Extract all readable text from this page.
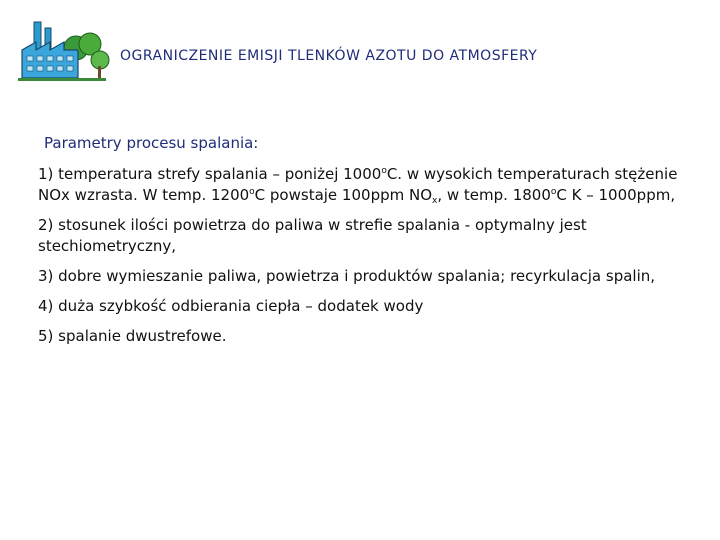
OGRANICZENIE EMISJI TLENKÓW AZOTU DO ATMOSFERY
Parametry procesu spalania:

1) temperatura strefy spalania – poniżej 1000$^o$C. w wysokich temperaturach stężenie NOx wzrasta. W temp. 1200$^o$C powstaje 100ppm $NO_x$, w temp. 1800$^o$C K – 1000ppm,

2) stosunek ilości powietrza do paliwa w strefie spalania - optymalny jest stechiometryczny,

3) dobre wymieszanie paliwa, powietrza i produktów spalania; recyrkulacja spalin,

4) duża szybkość odbierania ciepła – dodatek wody

5) spalanie dwustrefowe.
